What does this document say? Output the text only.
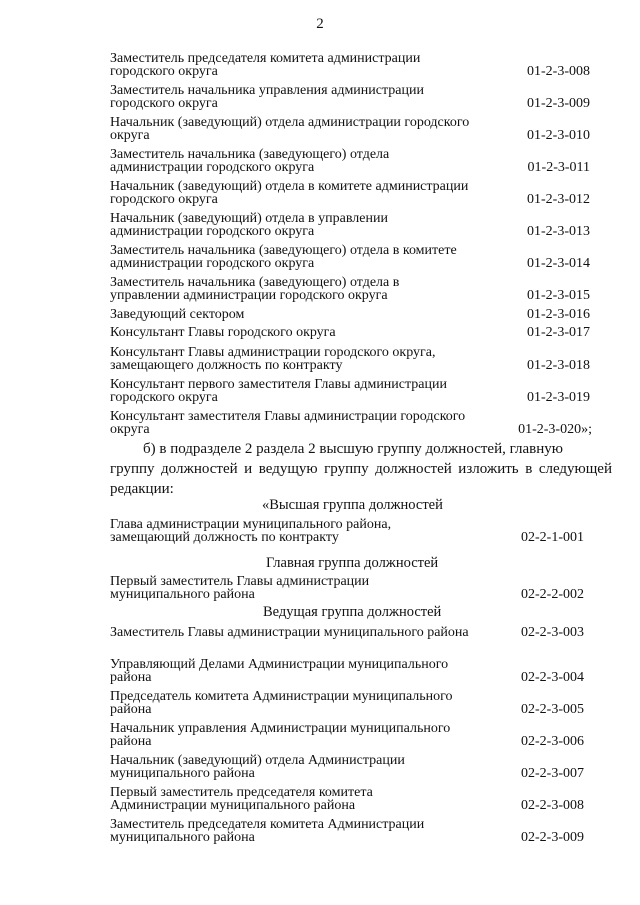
2
Заместитель председателя комитета администрации городского округа	01-2-3-008
Заместитель начальника управления администрации городского округа	01-2-3-009
Начальник (заведующий) отдела администрации городского округа	01-2-3-010
Заместитель начальника (заведующего) отдела администрации городского округа	01-2-3-011
Начальник (заведующий) отдела в комитете администрации городского округа	01-2-3-012
Начальник (заведующий) отдела в управлении администрации городского округа	01-2-3-013
Заместитель начальника (заведующего) отдела в комитете администрации городского округа	01-2-3-014
Заместитель начальника (заведующего) отдела в управлении администрации городского округа	01-2-3-015
Заведующий сектором	01-2-3-016
Консультант Главы городского округа	01-2-3-017
Консультант Главы администрации городского округа, замещающего должность по контракту	01-2-3-018
Консультант первого заместителя Главы администрации городского округа	01-2-3-019
Консультант заместителя Главы администрации городского округа	01-2-3-020»;
б) в подразделе 2 раздела 2 высшую группу должностей, главную
группу должностей и ведущую группу должностей изложить в следующей редакции:
«Высшая группа должностей
Глава администрации муниципального района, замещающий должность по контракту	02-2-1-001
Главная группа должностей
Первый заместитель Главы администрации муниципального района	02-2-2-002
Ведущая группа должностей
Заместитель Главы администрации муниципального района	02-2-3-003
Управляющий Делами Администрации муниципального района	02-2-3-004
Председатель комитета Администрации муниципального района	02-2-3-005
Начальник управления Администрации муниципального района	02-2-3-006
Начальник (заведующий) отдела Администрации муниципального района	02-2-3-007
Первый заместитель председателя комитета Администрации муниципального района	02-2-3-008
Заместитель председателя комитета Администрации муниципального района	02-2-3-009
